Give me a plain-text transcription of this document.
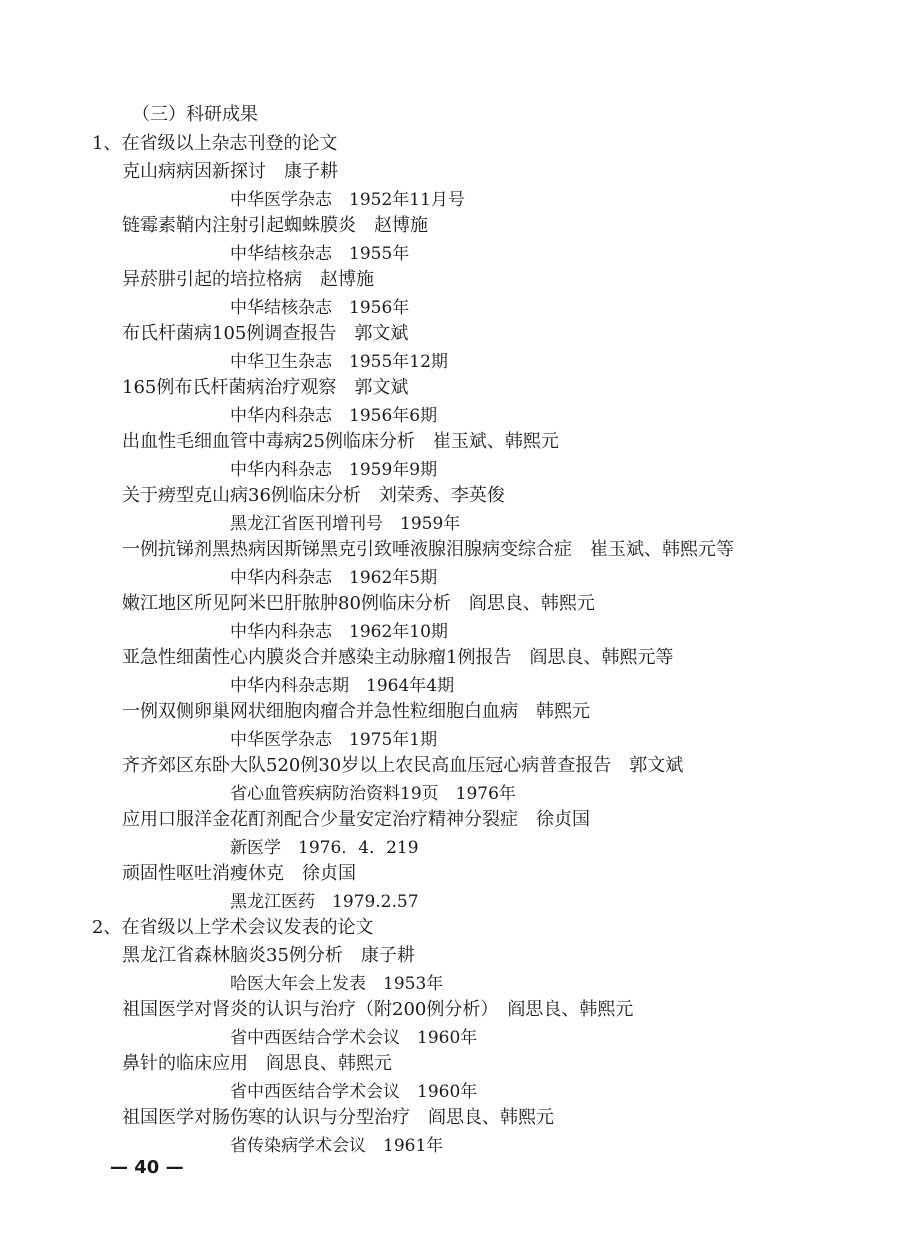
（三）科研成果
1、在省级以上杂志刊登的论文
克山病病因新探讨　康子耕
中华医学杂志　1952年11月号
链霉素鞘内注射引起蜘蛛膜炎　赵博施
中华结核杂志　1955年
异菸肼引起的培拉格病　赵博施
中华结核杂志　1956年
布氏杆菌病105例调查报告　郭文斌
中华卫生杂志　1955年12期
165例布氏杆菌病治疗观察　郭文斌
中华内科杂志　1956年6期
出血性毛细血管中毒病25例临床分析　崔玉斌、韩熙元
中华内科杂志　1959年9期
关于痨型克山病36例临床分析　刘荣秀、李英俊
黑龙江省医刊增刊号　1959年
一例抗锑剂黑热病因斯锑黑克引致唾液腺泪腺病变综合症　崔玉斌、韩熙元等
中华内科杂志　1962年5期
嫩江地区所见阿米巴肝脓肿80例临床分析　阎思良、韩熙元
中华内科杂志　1962年10期
亚急性细菌性心内膜炎合并感染主动脉瘤1例报告　阎思良、韩熙元等
中华内科杂志期　1964年4期
一例双侧卵巢网状细胞肉瘤合并急性粒细胞白血病　韩熙元
中华医学杂志　1975年1期
齐齐郊区东卧大队520例30岁以上农民高血压冠心病普查报告　郭文斌
省心血管疾病防治资料19页　1976年
应用口服洋金花酊剂配合少量安定治疗精神分裂症　徐贞国
新医学　1976．4．219
顽固性呕吐消瘦休克　徐贞国
黑龙江医药　1979.2.57
2、在省级以上学术会议发表的论文
黑龙江省森林脑炎35例分析　康子耕
哈医大年会上发表　1953年
祖国医学对肾炎的认识与治疗（附200例分析）　阎思良、韩熙元
省中西医结合学术会议　1960年
鼻针的临床应用　阎思良、韩熙元
省中西医结合学术会议　1960年
祖国医学对肠伤寒的认识与分型治疗　阎思良、韩熙元
省传染病学术会议　1961年
— 40 —
